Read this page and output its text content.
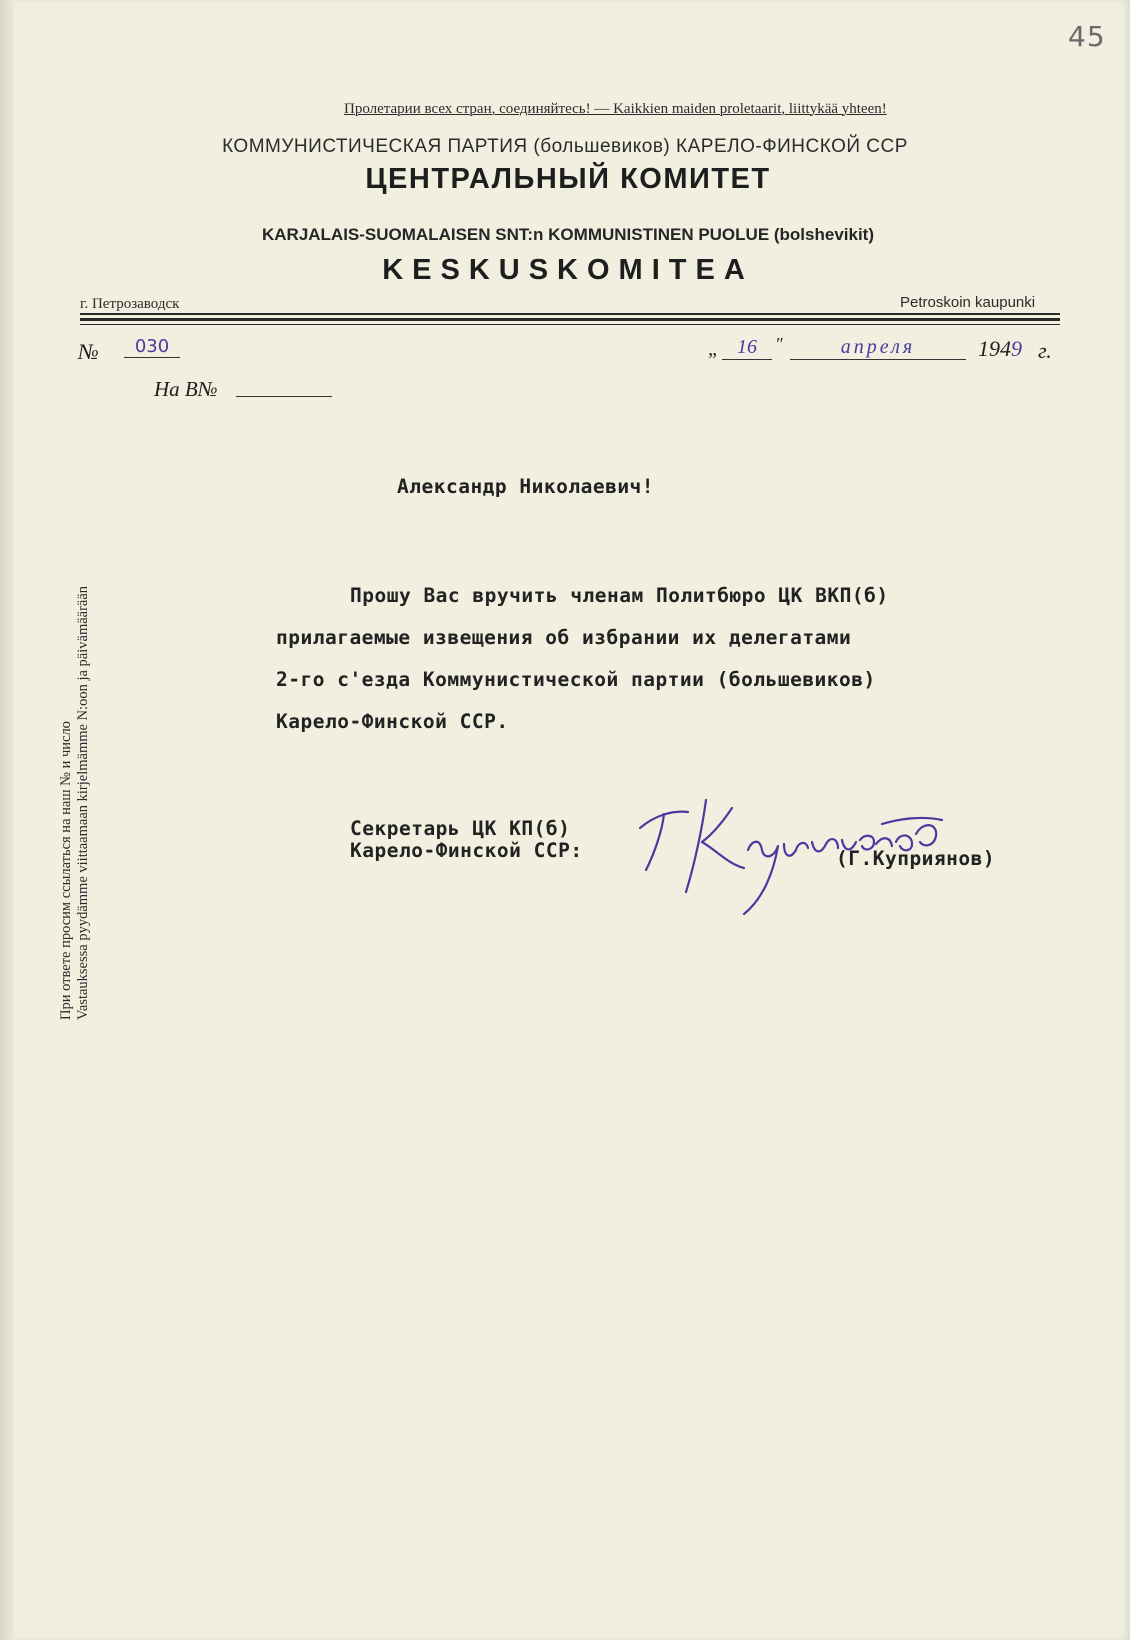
45
Пролетарии всех стран, соединяйтесь! — Kaikkien maiden proletaarit, liittykää yhteen!
КОММУНИСТИЧЕСКАЯ ПАРТИЯ (большевиков) КАРЕЛО-ФИНСКОЙ ССР
ЦЕНТРАЛЬНЫЙ КОМИТЕТ
KARJALAIS-SUOMALAISEN SNT:n KOMMUNISTINEN PUOLUE (bolshevikit)
KESKUSKOMITEA
г. Петрозаводск	Petroskoin kaupunki
№	030	„ 16	"	апреля	1949 г.
На В№
При ответе просим ссылаться на наш № и число Vastauksessa pyydämme viittaamaan kirjelmämme N:oon ja päivämäärään
Александр Николаевич!
Прошу Вас вручить членам Политбюро ЦК ВКП(б)
прилагаемые извещения об избрании их делегатами
2-го с'езда Коммунистической партии (большевиков)
Карело-Финской ССР.
Секретарь ЦК КП(б)
Карело-Финской ССР:	(Г.Куприянов)
